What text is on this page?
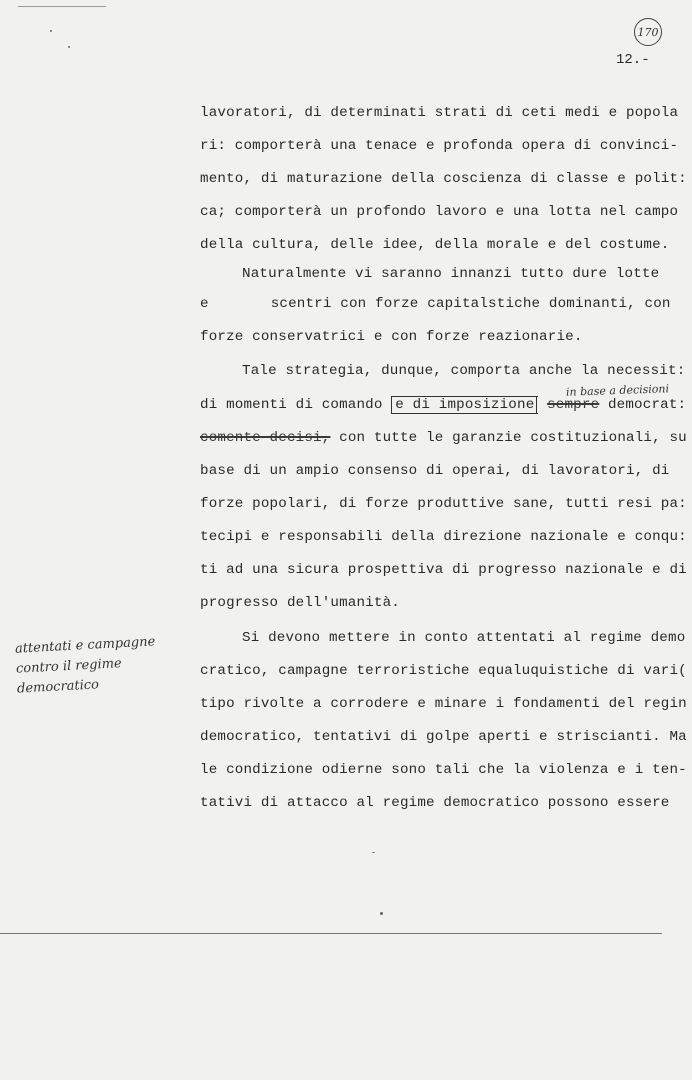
170
12.-
lavoratori, di determinati strati di ceti medi e popola
ri: comporterà una tenace e profonda opera di convinci-
mento, di maturazione della coscienza di classe e polit:
ca; comporterà un profondo lavoro e una lotta nel campo
della cultura, delle idee, della morale e del costume.
Naturalmente vi saranno innanzi tutto dure lotte
e	scentri con forze capitalstiche dominanti, con
forze conservatrici e con forze reazionarie.
Tale strategia, dunque, comporta anche la necessit:
in base a decisioni
di momenti di comando e di imposizione sempre democrat:
comente decisi, con tutte le garanzie costituzionali, su
base di un ampio consenso di operai, di lavoratori, di
forze popolari, di forze produttive sane, tutti resi pa:
tecipi e responsabili della direzione nazionale e conqu:
ti ad una sicura prospettiva di progresso nazionale e di
progresso dell'umanità.
Si devono mettere in conto attentati al regime demo
cratico, campagne terroristiche equaluquistiche di vari(
tipo rivolte a corrodere e minare i fondamenti del regin
democratico, tentativi di golpe aperti e striscianti. Ma
le condizione odierne sono tali che la violenza e i ten-
tativi di attacco al regime democratico possono essere
attentati e campagne
contro il regime
democratico
